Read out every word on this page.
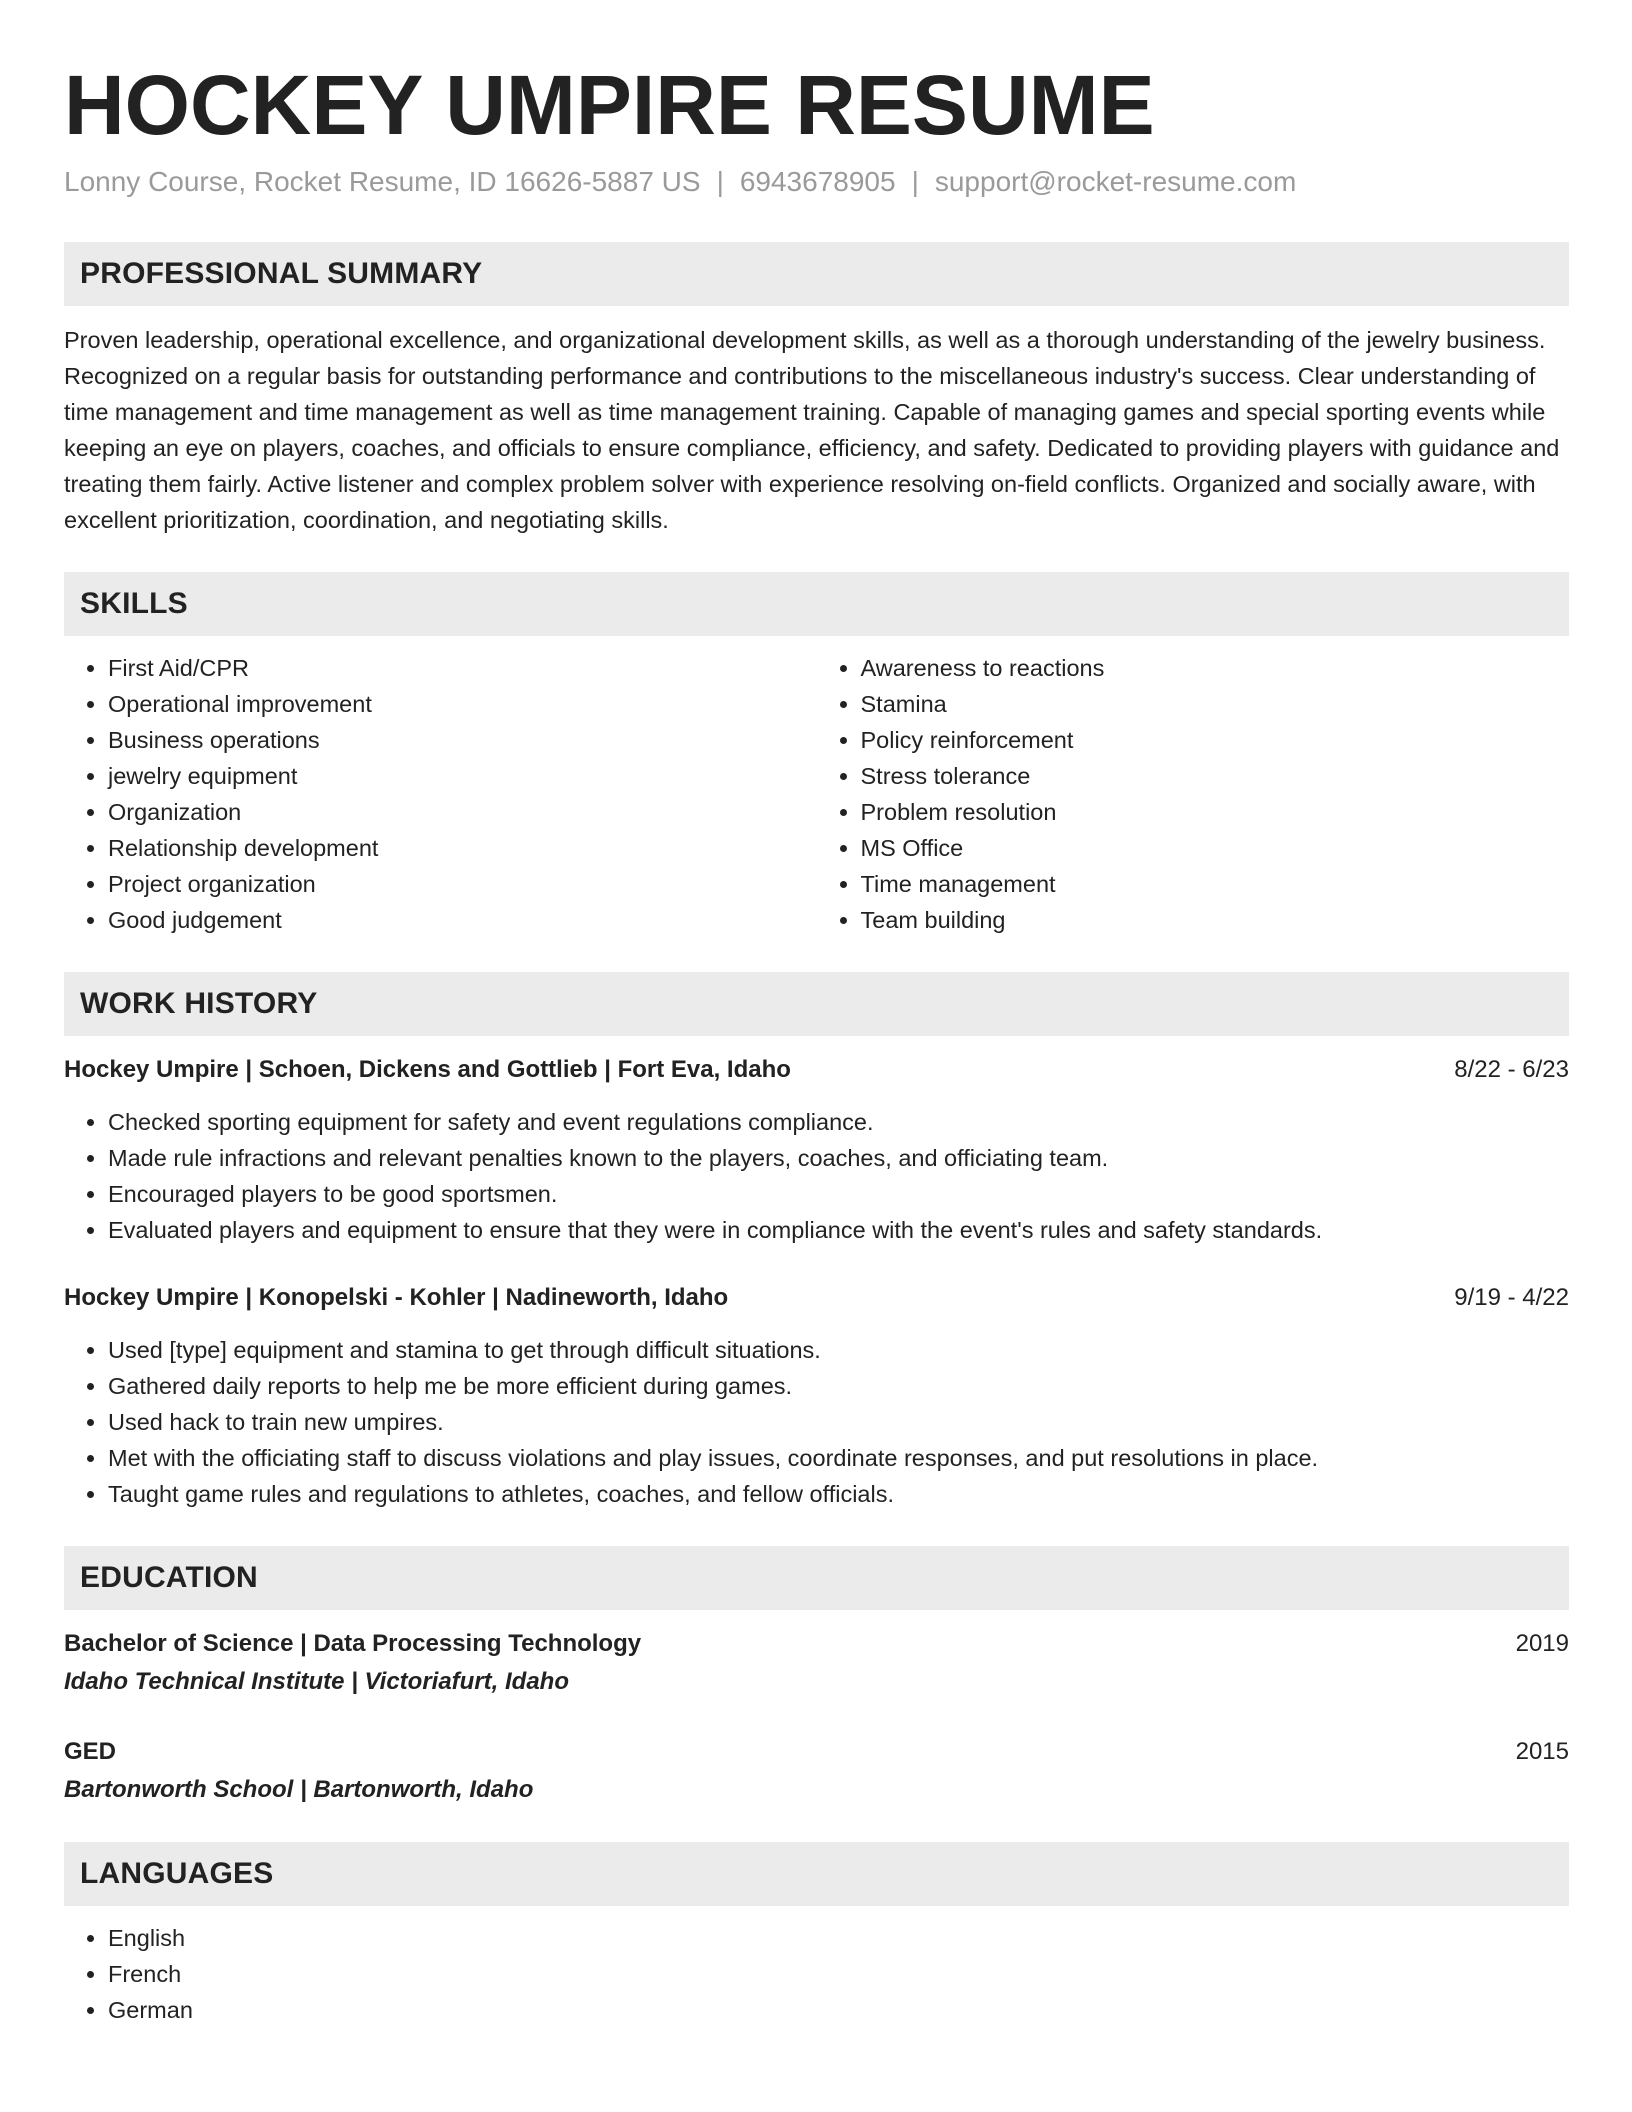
HOCKEY UMPIRE RESUME
Lonny Course, Rocket Resume, ID 16626-5887 US | 6943678905 | support@rocket-resume.com
PROFESSIONAL SUMMARY

Proven leadership, operational excellence, and organizational development skills, as well as a thorough understanding of the jewelry business. Recognized on a regular basis for outstanding performance and contributions to the miscellaneous industry's success. Clear understanding of time management and time management as well as time management training. Capable of managing games and special sporting events while keeping an eye on players, coaches, and officials to ensure compliance, efficiency, and safety. Dedicated to providing players with guidance and treating them fairly. Active listener and complex problem solver with experience resolving on-field conflicts. Organized and socially aware, with excellent prioritization, coordination, and negotiating skills.

SKILLS
• First Aid/CPR
• Operational improvement
• Business operations
• jewelry equipment
• Organization
• Relationship development
• Project organization
• Good judgement
• Awareness to reactions
• Stamina
• Policy reinforcement
• Stress tolerance
• Problem resolution
• MS Office
• Time management
• Team building
WORK HISTORY
Hockey Umpire | Schoen, Dickens and Gottlieb | Fort Eva, Idaho	8/22 - 6/23
• Checked sporting equipment for safety and event regulations compliance.
• Made rule infractions and relevant penalties known to the players, coaches, and officiating team.
• Encouraged players to be good sportsmen.
• Evaluated players and equipment to ensure that they were in compliance with the event's rules and safety standards.
Hockey Umpire | Konopelski - Kohler | Nadineworth, Idaho	9/19 - 4/22
• Used [type] equipment and stamina to get through difficult situations.
• Gathered daily reports to help me be more efficient during games.
• Used hack to train new umpires.
• Met with the officiating staff to discuss violations and play issues, coordinate responses, and put resolutions in place.
• Taught game rules and regulations to athletes, coaches, and fellow officials.
EDUCATION
Bachelor of Science | Data Processing Technology	2019
Idaho Technical Institute | Victoriafurt, Idaho
GED	2015
Bartonworth School | Bartonworth, Idaho
LANGUAGES
• English
• French
• German
